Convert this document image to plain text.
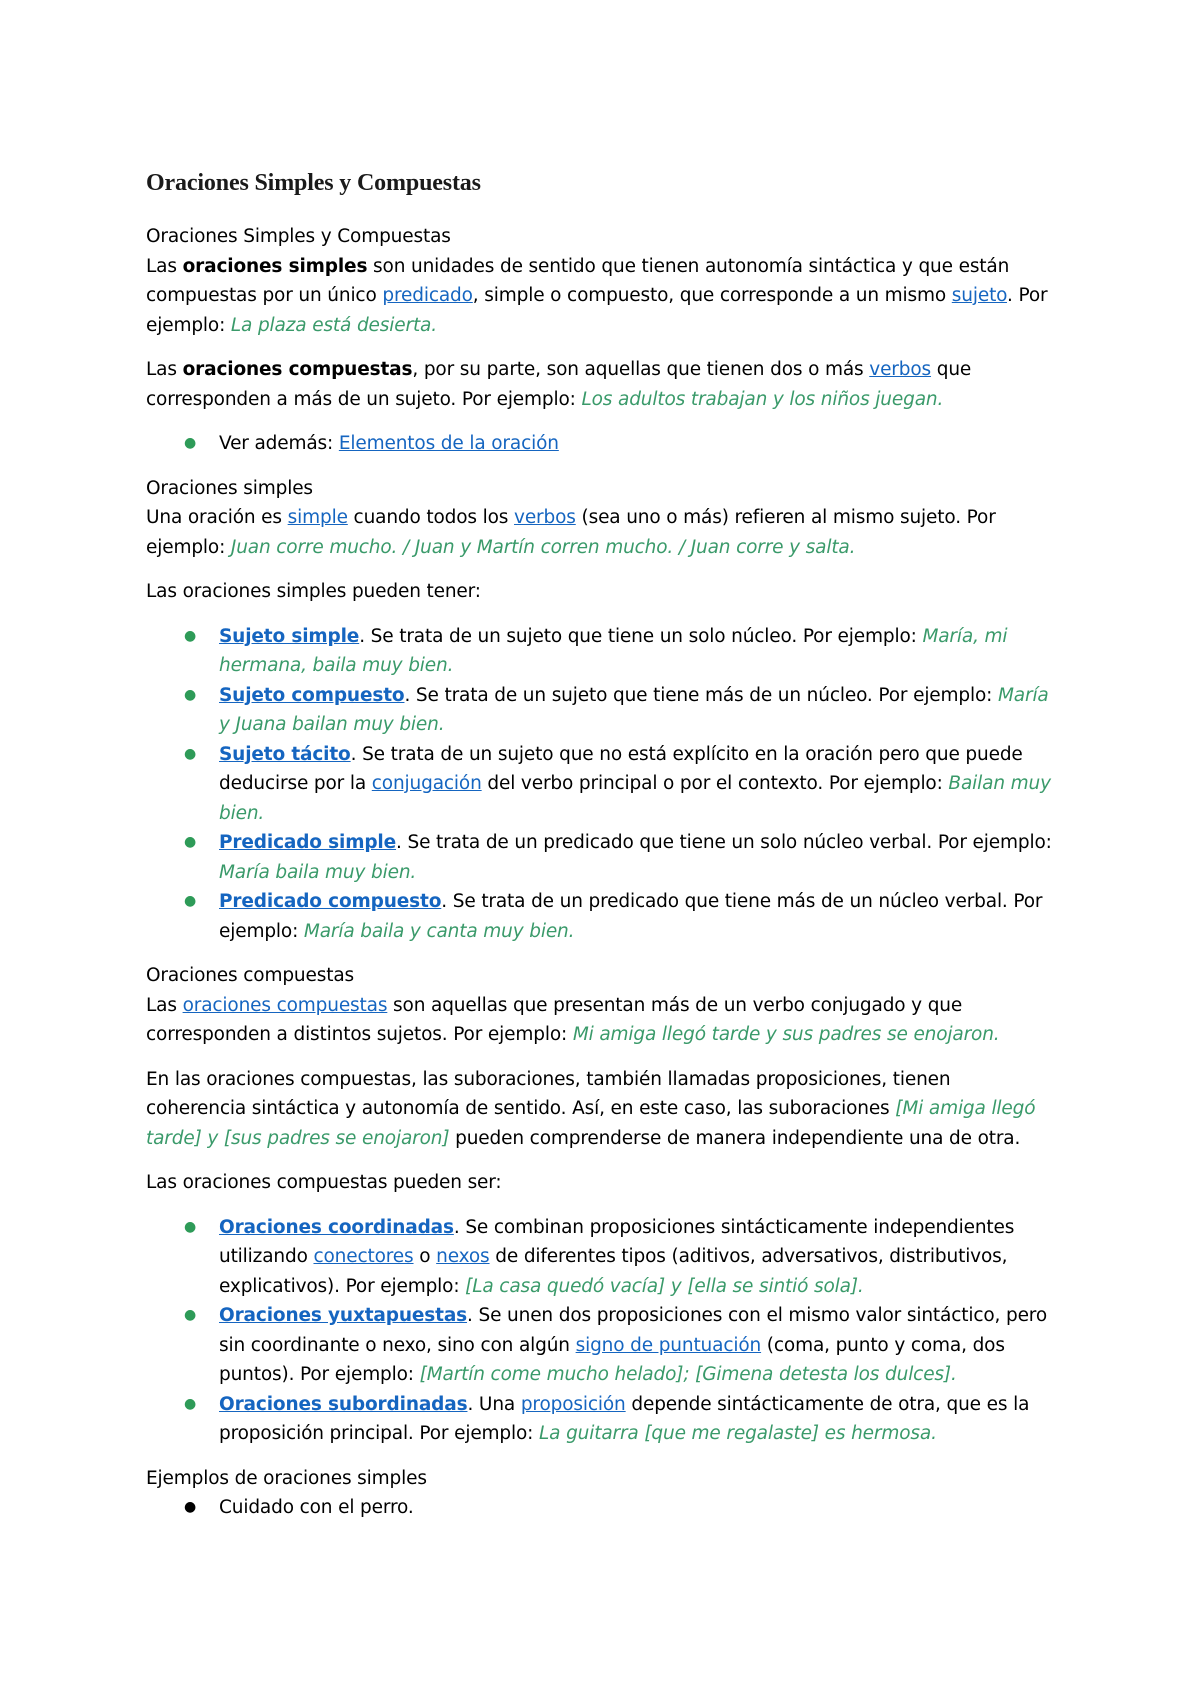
Oraciones Simples y Compuestas

Oraciones Simples y Compuestas
Las oraciones simples son unidades de sentido que tienen autonomía sintáctica y que están compuestas por un único predicado, simple o compuesto, que corresponde a un mismo sujeto. Por ejemplo: La plaza está desierta.

Las oraciones compuestas, por su parte, son aquellas que tienen dos o más verbos que corresponden a más de un sujeto. Por ejemplo: Los adultos trabajan y los niños juegan.

● Ver además: Elementos de la oración

Oraciones simples
Una oración es simple cuando todos los verbos (sea uno o más) refieren al mismo sujeto. Por ejemplo: Juan corre mucho. / Juan y Martín corren mucho. / Juan corre y salta.

Las oraciones simples pueden tener:

● Sujeto simple. Se trata de un sujeto que tiene un solo núcleo. Por ejemplo: María, mi hermana, baila muy bien.
● Sujeto compuesto. Se trata de un sujeto que tiene más de un núcleo. Por ejemplo: María y Juana bailan muy bien.
● Sujeto tácito. Se trata de un sujeto que no está explícito en la oración pero que puede deducirse por la conjugación del verbo principal o por el contexto. Por ejemplo: Bailan muy bien.
● Predicado simple. Se trata de un predicado que tiene un solo núcleo verbal. Por ejemplo: María baila muy bien.
● Predicado compuesto. Se trata de un predicado que tiene más de un núcleo verbal. Por ejemplo: María baila y canta muy bien.

Oraciones compuestas
Las oraciones compuestas son aquellas que presentan más de un verbo conjugado y que corresponden a distintos sujetos. Por ejemplo: Mi amiga llegó tarde y sus padres se enojaron.

En las oraciones compuestas, las suboraciones, también llamadas proposiciones, tienen coherencia sintáctica y autonomía de sentido. Así, en este caso, las suboraciones [Mi amiga llegó tarde] y [sus padres se enojaron] pueden comprenderse de manera independiente una de otra.

Las oraciones compuestas pueden ser:

● Oraciones coordinadas. Se combinan proposiciones sintácticamente independientes utilizando conectores o nexos de diferentes tipos (aditivos, adversativos, distributivos, explicativos). Por ejemplo: [La casa quedó vacía] y [ella se sintió sola].
● Oraciones yuxtapuestas. Se unen dos proposiciones con el mismo valor sintáctico, pero sin coordinante o nexo, sino con algún signo de puntuación (coma, punto y coma, dos puntos). Por ejemplo: [Martín come mucho helado]; [Gimena detesta los dulces].
● Oraciones subordinadas. Una proposición depende sintácticamente de otra, que es la proposición principal. Por ejemplo: La guitarra [que me regalaste] es hermosa.
Ejemplos de oraciones simples
● Cuidado con el perro.
